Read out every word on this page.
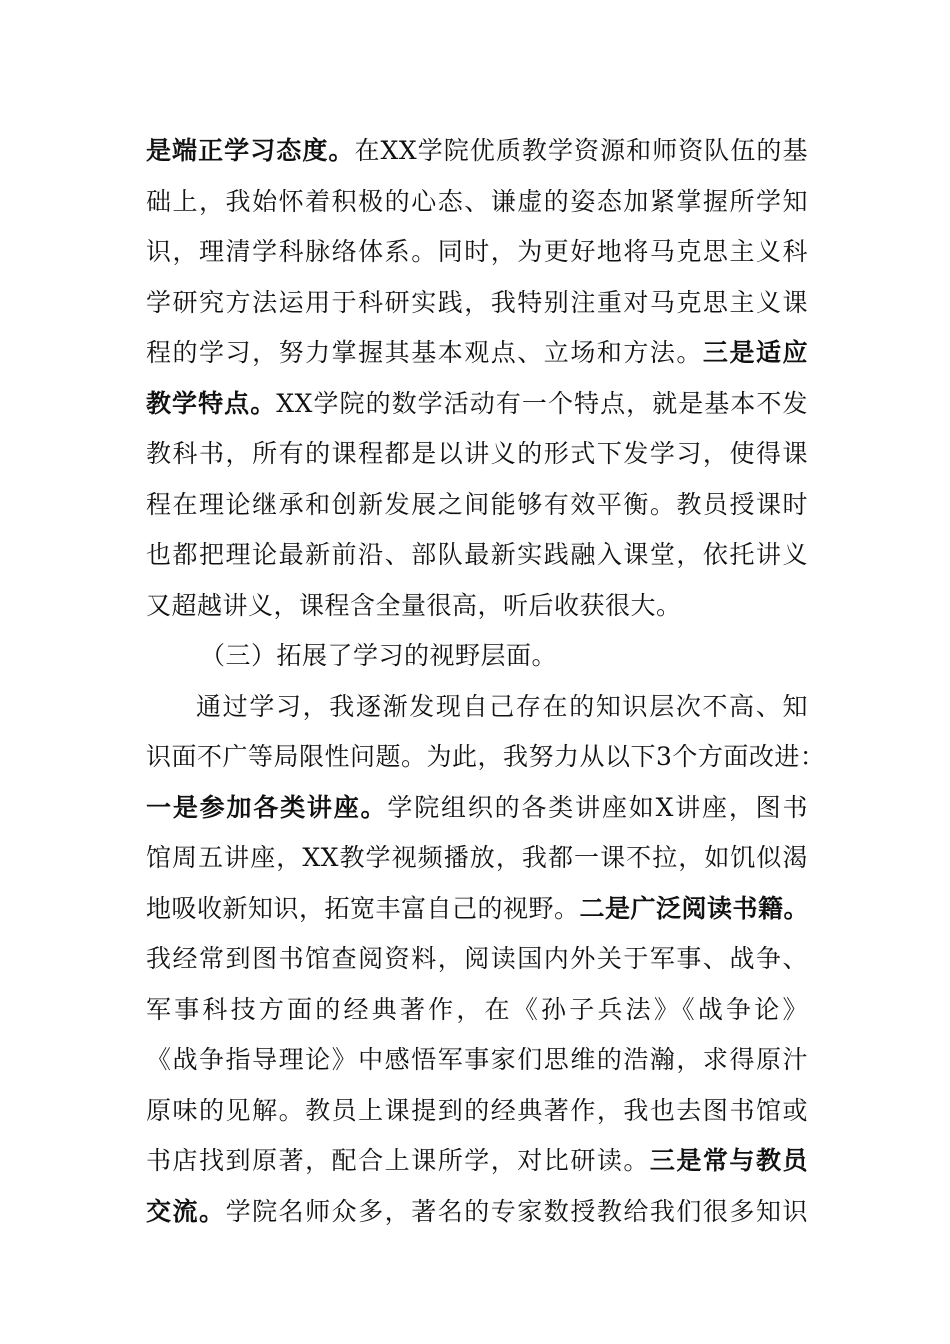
是端正学习态度。在XX学院优质教学资源和师资队伍的基
础上，我始怀着积极的心态、谦虚的姿态加紧掌握所学知
识，理清学科脉络体系。同时，为更好地将马克思主义科
学研究方法运用于科研实践，我特别注重对马克思主义课
程的学习，努力掌握其基本观点、立场和方法。三是适应
教学特点。XX学院的数学活动有一个特点，就是基本不发
教科书，所有的课程都是以讲义的形式下发学习，使得课
程在理论继承和创新发展之间能够有效平衡。教员授课时
也都把理论最新前沿、部队最新实践融入课堂，依托讲义
又超越讲义，课程含全量很高，听后收获很大。
（三）拓展了学习的视野层面。
通过学习，我逐渐发现自己存在的知识层次不高、知
识面不广等局限性问题。为此，我努力从以下3个方面改进：
一是参加各类讲座。学院组织的各类讲座如X讲座，图书
馆周五讲座，XX教学视频播放，我都一课不拉，如饥似渴
地吸收新知识，拓宽丰富自己的视野。二是广泛阅读书籍。
我经常到图书馆查阅资料，阅读国内外关于军事、战争、
军事科技方面的经典著作，在《孙子兵法》《战争论》
《战争指导理论》中感悟军事家们思维的浩瀚，求得原汁
原味的见解。教员上课提到的经典著作，我也去图书馆或
书店找到原著，配合上课所学，对比研读。三是常与教员
交流。学院名师众多，著名的专家数授教给我们很多知识
